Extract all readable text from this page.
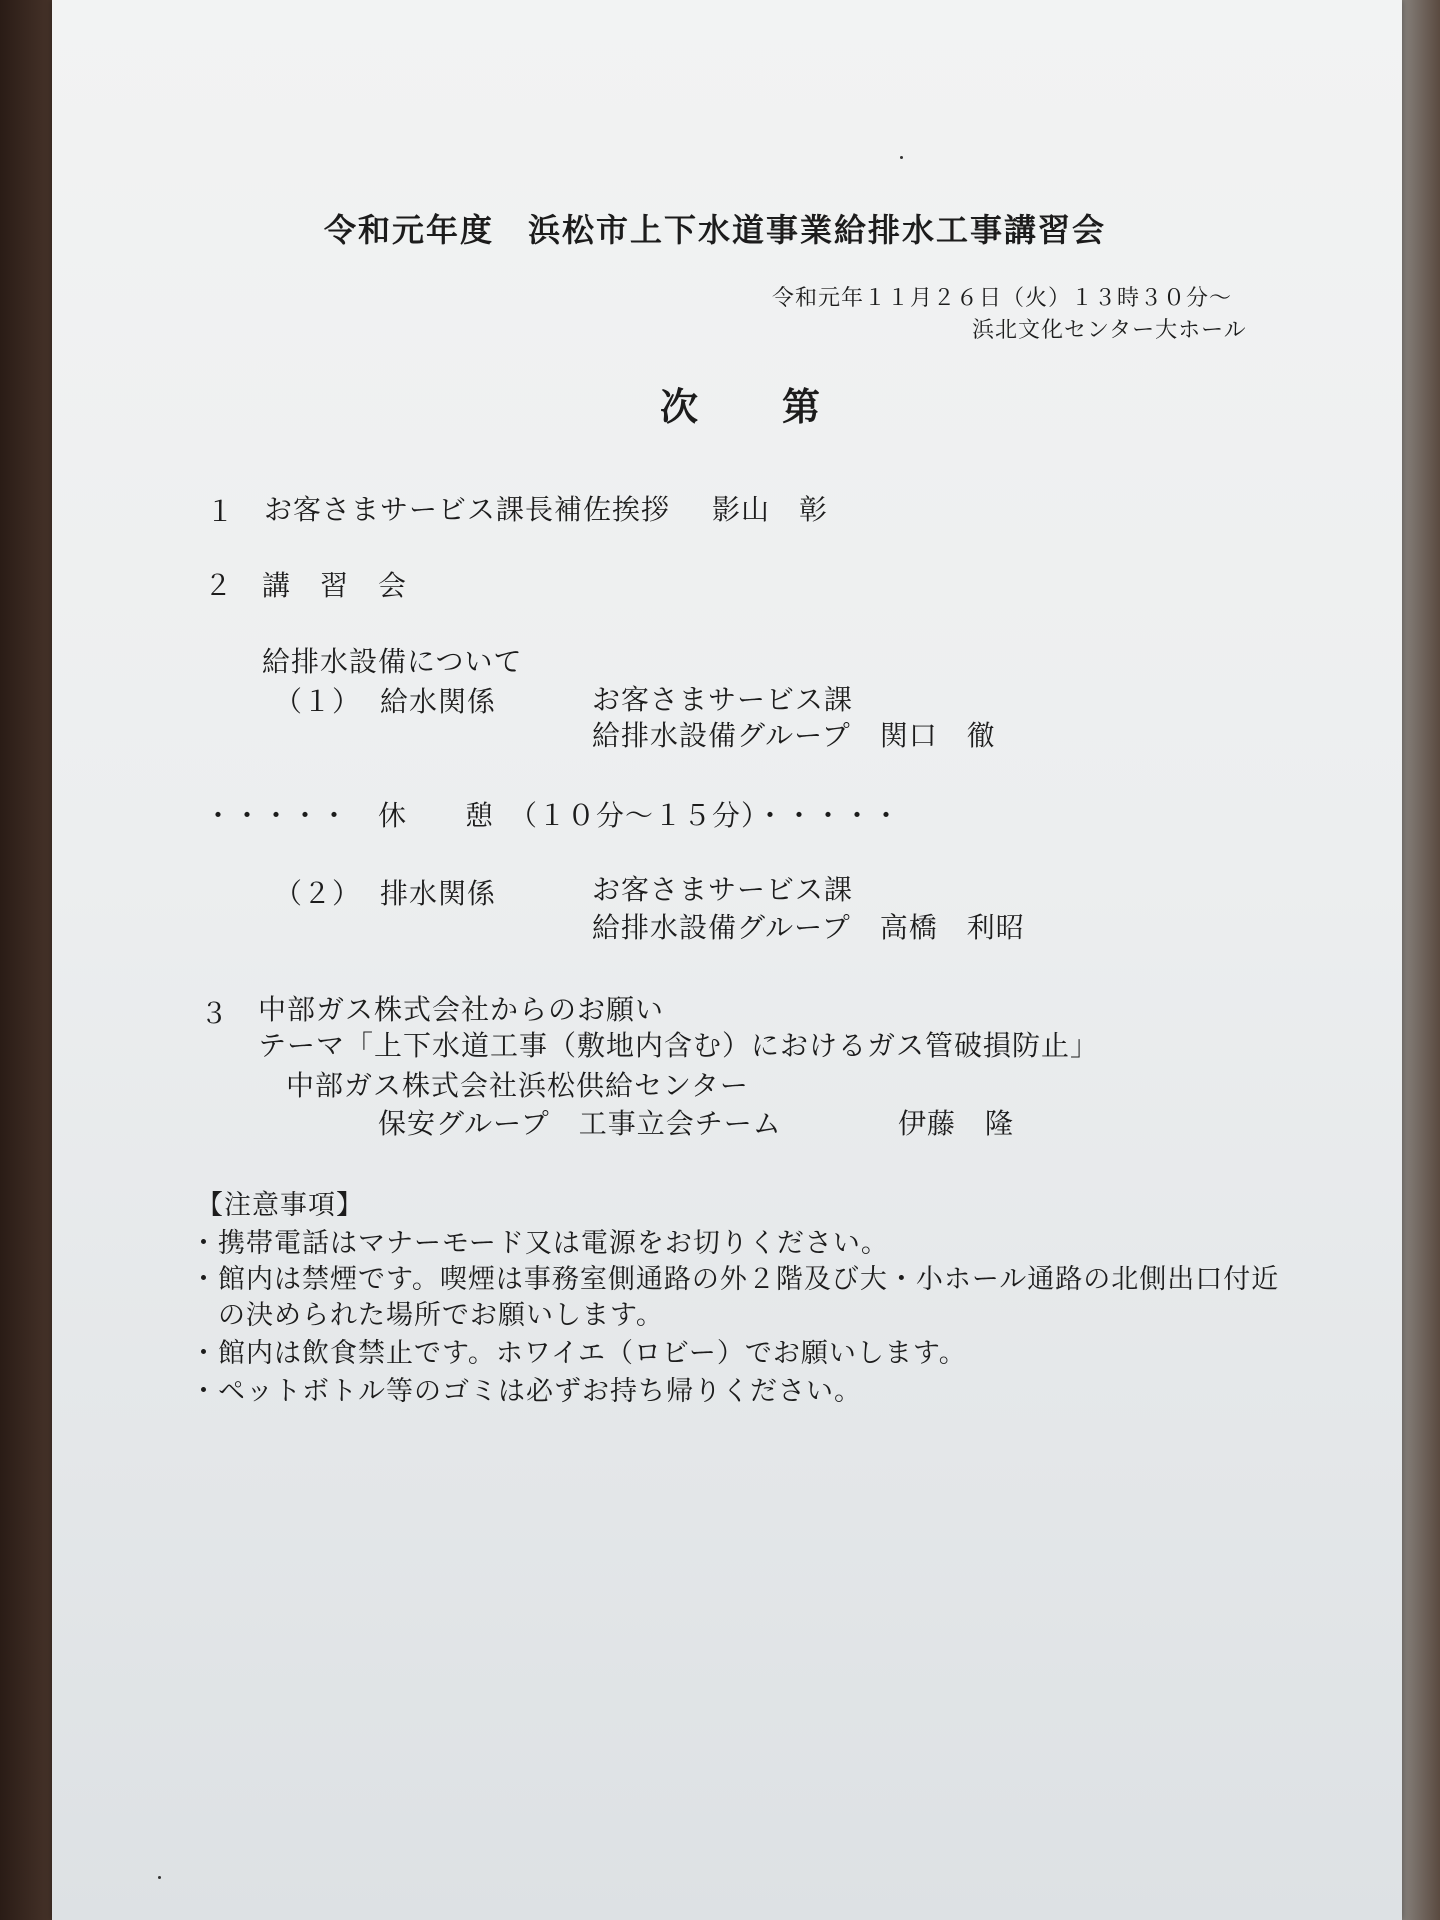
令和元年度　浜松市上下水道事業給排水工事講習会
令和元年１１月２６日（火）１３時３０分～
浜北文化センター大ホール
次 第
１ お客さまサービス課長補佐挨拶 影山　彰
２ 講　習　会
給排水設備について
（１） 給水関係	お客さまサービス課
給排水設備グループ　関口　徹
・・・・・　休　　憩　（１０分～１５分）・・・・・
（２） 排水関係	お客さまサービス課
給排水設備グループ　高橋　利昭
３ 中部ガス株式会社からのお願い
テーマ「上下水道工事（敷地内含む）におけるガス管破損防止」
中部ガス株式会社浜松供給センター
保安グループ　工事立会チーム	伊藤　隆
【注意事項】
・携帯電話はマナーモード又は電源をお切りください。
・館内は禁煙です。喫煙は事務室側通路の外２階及び大・小ホール通路の北側出口付近
　の決められた場所でお願いします。
・館内は飲食禁止です。ホワイエ（ロビー）でお願いします。
・ペットボトル等のゴミは必ずお持ち帰りください。
